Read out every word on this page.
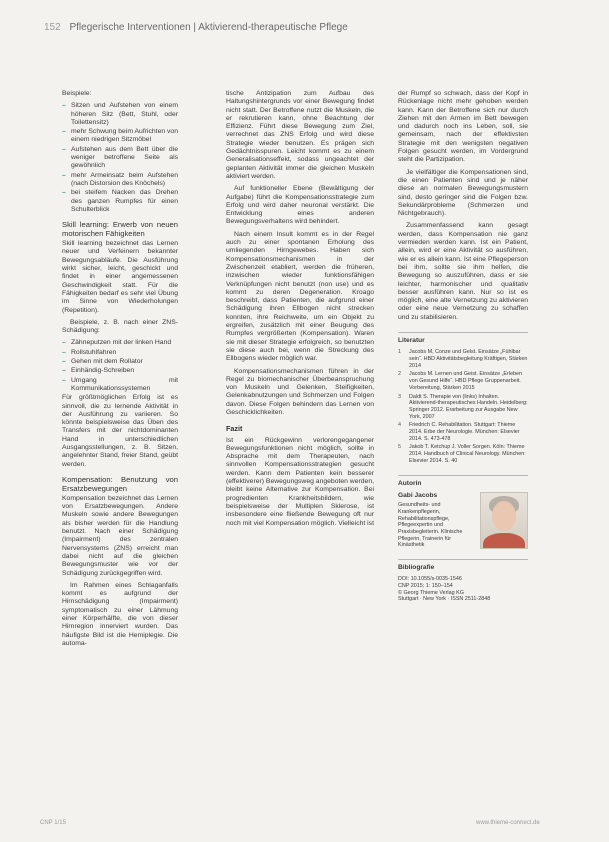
152 Pflegerische Interventionen | Aktivierend-therapeutische Pflege
Beispiele:
– Sitzen und Aufstehen von einem höheren Sitz (Bett, Stuhl, oder Toilettensitz)
– mehr Schwung beim Aufrichten von einem niedrigen Sitzmöbel
– Aufstehen aus dem Bett über die weniger betroffene Seite als gewöhnlich
– mehr Armeinsatz beim Aufstehen (nach Distorsion des Knöchels)
– bei steifem Nacken das Drehen des ganzen Rumpfes für einen Schulterblick
Skill learning: Erwerb von neuen motorischen Fähigkeiten
Skill learning bezeichnet das Lernen neuer und Verfeinern bekannter Bewegungsabläufe. Die Ausführung wirkt sicher, leicht, geschickt und findet in einer angemessenen Geschwindigkeit statt. Für die Fähigkeiten bedarf es sehr viel Übung im Sinne von Wiederholungen (Repetition).
Beispiele, z. B. nach einer ZNS-Schädigung:
– Zähneputzen mit der linken Hand
– Rollstuhlfahren
– Gehen mit dem Rollator
– Einhändig-Schreiben
– Umgang mit Kommunikationssystemen
Für größtmöglichen Erfolg ist es sinnvoll, die zu lernende Aktivität in der Ausführung zu variieren. So könnte beispielsweise das Üben des Transfers mit der nichtdominanten Hand in unterschiedlichen Ausgangsstellungen, z. B. Sitzen, angelehnter Stand, freier Stand, geübt werden.
Kompensation: Benutzung von Ersatzbewegungen
Kompensation bezeichnet das Lernen von Ersatzbewegungen. Andere Muskeln sowie andere Bewegungen als bisher werden für die Handlung benutzt. Nach einer Schädigung (Impairment) des zentralen Nervensystems (ZNS) erreicht man dabei nicht auf die gleichen Bewegungsmuster wie vor der Schädigung zurückgegriffen wird.
Im Rahmen eines Schlaganfalls kommt es aufgrund der Hirnschädigung (Impairment) symptomatisch zu einer Lähmung einer Körperhälfte, die von dieser Hirnregion innerviert wurden. Das häufigste Bild ist die Hemiplegie. Die automa-
tische Antizipation zum Aufbau des Haltungshintergrunds vor einer Bewegung findet nicht statt. Der Betroffene nutzt die Muskeln, die er rekrutieren kann, ohne Beachtung der Effizienz. Führt diese Bewegung zum Ziel, verrechnet das ZNS Erfolg und wird diese Strategie wieder benutzen. Es prägen sich Gedächtnisspuren. Leicht kommt es zu einem Generalisationseffekt, sodass ungeachtet der geplanten Aktivität immer die gleichen Muskeln aktiviert werden.
Auf funktioneller Ebene (Bewältigung der Aufgabe) führt die Kompensationsstrategie zum Erfolg und wird daher neuronal verstärkt. Die Entwicklung eines anderen Bewegungsverhaltens wird behindert.
Nach einem Insult kommt es in der Regel auch zu einer spontanen Erholung des umliegenden Hirngewebes. Haben sich Kompensationsmechanismen in der Zwischenzeit etabliert, werden die früheren, inzwischen wieder funktionsfähigen Verknüpfungen nicht benutzt (non use) und es kommt zu deren Degeneration. Kroago beschreibt, dass Patienten, die aufgrund einer Schädigung ihren Ellbogen nicht strecken konnten, ihre Reichweite, um ein Objekt zu ergreifen, zusätzlich mit einer Beugung des Rumpfes vergrößerten (Kompensation). Waren sie mit dieser Strategie erfolgreich, so benutzten sie diese auch bei, wenn die Streckung des Ellbogens wieder möglich war.
Kompensationsmechanismen führen in der Regel zu biomechanischer Überbeanspruchung von Muskeln und Gelenken, Steifigkeiten, Gelenkabnutzungen und Schmerzen und Folgen davon. Diese Folgen behindern das Lernen von Geschicklichkeiten.
Fazit
Ist ein Rückgewinn verlorengegangener Bewegungsfunktionen nicht möglich, sollte in Absprache mit dem Therapeuten, nach sinnvollen Kompensationsstrategien gesucht werden. Kann dem Patienten kein besserer (effektiverer) Bewegungsweg angeboten werden, bleibt keine Alternative zur Kompensation. Bei progredienten Krankheitsbildern, wie beispielsweise der Multiplen Sklerose, ist insbesondere eine fließende Bewegung oft nur noch mit viel Kompensation möglich. Vielleicht ist
der Rumpf so schwach, dass der Kopf in Rückenlage nicht mehr gehoben werden kann. Kann der Betroffene sich nur durch Ziehen mit den Armen im Bett bewegen und dadurch noch ins Leben, soll, sie gemeinsam, nach der effektivsten Strategie mit den wenigsten negativen Folgen gesucht werden, im Vordergrund steht die Partizipation.
Je vielfältiger die Kompensationen sind, die einen Patienten sind und je näher diese an normalen Bewegungsmustern sind, desto geringer sind die Folgen bzw. Sekundärprobleme (Schmerzen und Nichtgebrauch).
Zusammenfassend kann gesagt werden, dass Kompensation nie ganz vermieden werden kann. Ist ein Patient, allein, wird er eine Aktivität so ausführen, wie er es allein kann. Ist eine Pflegeperson bei ihm, sollte sie ihm helfen, die Bewegung so auszuführen, dass er sie leichter, harmonischer und qualitativ besser ausführen kann. Nur so ist es möglich, eine alte Vernetzung zu aktivieren oder eine neue Vernetzung zu schaffen und zu stabilisieren.
Literatur
1 Jacobs M, Conze und Gelst. Einsätze „Fühlbar sein“. HBD Aktivitätsbegleitung Kräftigen, Stärken 2014
2 Jacobs M. Lernen und Geist. Einsätze „Erleben von Gesund Hilfe“. HBD Pflege Gruppenarbeit. Vorbereitung, Stärken 2015
3 Daldt S. Therapie von (links) Inhalten. Aktivierend-therapeutisches Handeln. Heidelberg: Springer 2012. Erarbeitung zur Ausgabe New York, 2007
4 Friedrich C. Rehabilitation. Stuttgart: Thieme 2014. Erbe der Neurologie. München: Elsevier 2014. S. 473-478
5 Jakob T. Ketchup J. Voller Sorgen. Köln: Thieme 2014. Handbuch of Clinical Neurology. München: Elsevier 2014. S. 40
Autorin
Gabi Jacobs
Gesundheits- und Krankenpflegerin, Rehabilitationspflege, Pflegeexpertin und Praxisbegleiterin. Klinische Pflegerin, Trainerin für Kinästhetik
Bibliografie
DOI: 10.1055/s-0035-1546
CNP 2015; 1: 150–154
© Georg Thieme Verlag KG
Stuttgart · New York · ISSN 2511-2848
CNP 1/15	www.thieme-connect.de
